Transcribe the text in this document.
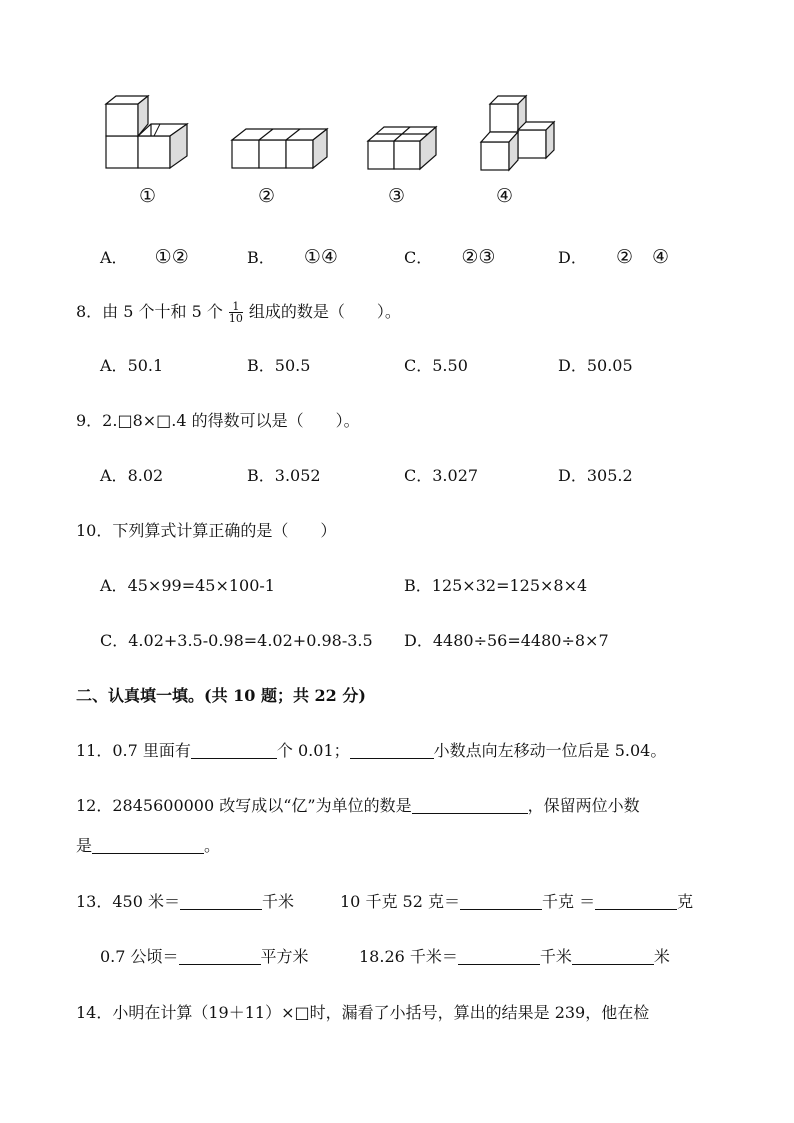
①	②	③	④
A． ①②	B． ①④	C． ②③	D． ②　④
8．由 5 个十和 5 个 $\frac{1}{10}$ 组成的数是（　　）。
A．50.1	B．50.5	C．5.50	D．50.05
9．2.□8×□.4 的得数可以是（　　）。
A．8.02	B．3.052	C．3.027	D．305.2
10．下列算式计算正确的是（　　）
A．45×99=45×100-1	B．125×32=125×8×4
C．4.02+3.5-0.98=4.02+0.98-3.5 D．4480÷56=4480÷8×7
二、认真填一填。(共 10 题；共 22 分)
11．0.7 里面有	个 0.01；	小数点向左移动一位后是 5.04。
12．2845600000 改写成以“亿”为单位的数是	，保留两位小数
是	。
13．450 米＝	千米	10 千克 52 克＝	千克 ＝	克
0.7 公顷＝	平方米	18.26 千米＝	千米	米
14．小明在计算（19＋11）×□时，漏看了小括号，算出的结果是 239，他在检
